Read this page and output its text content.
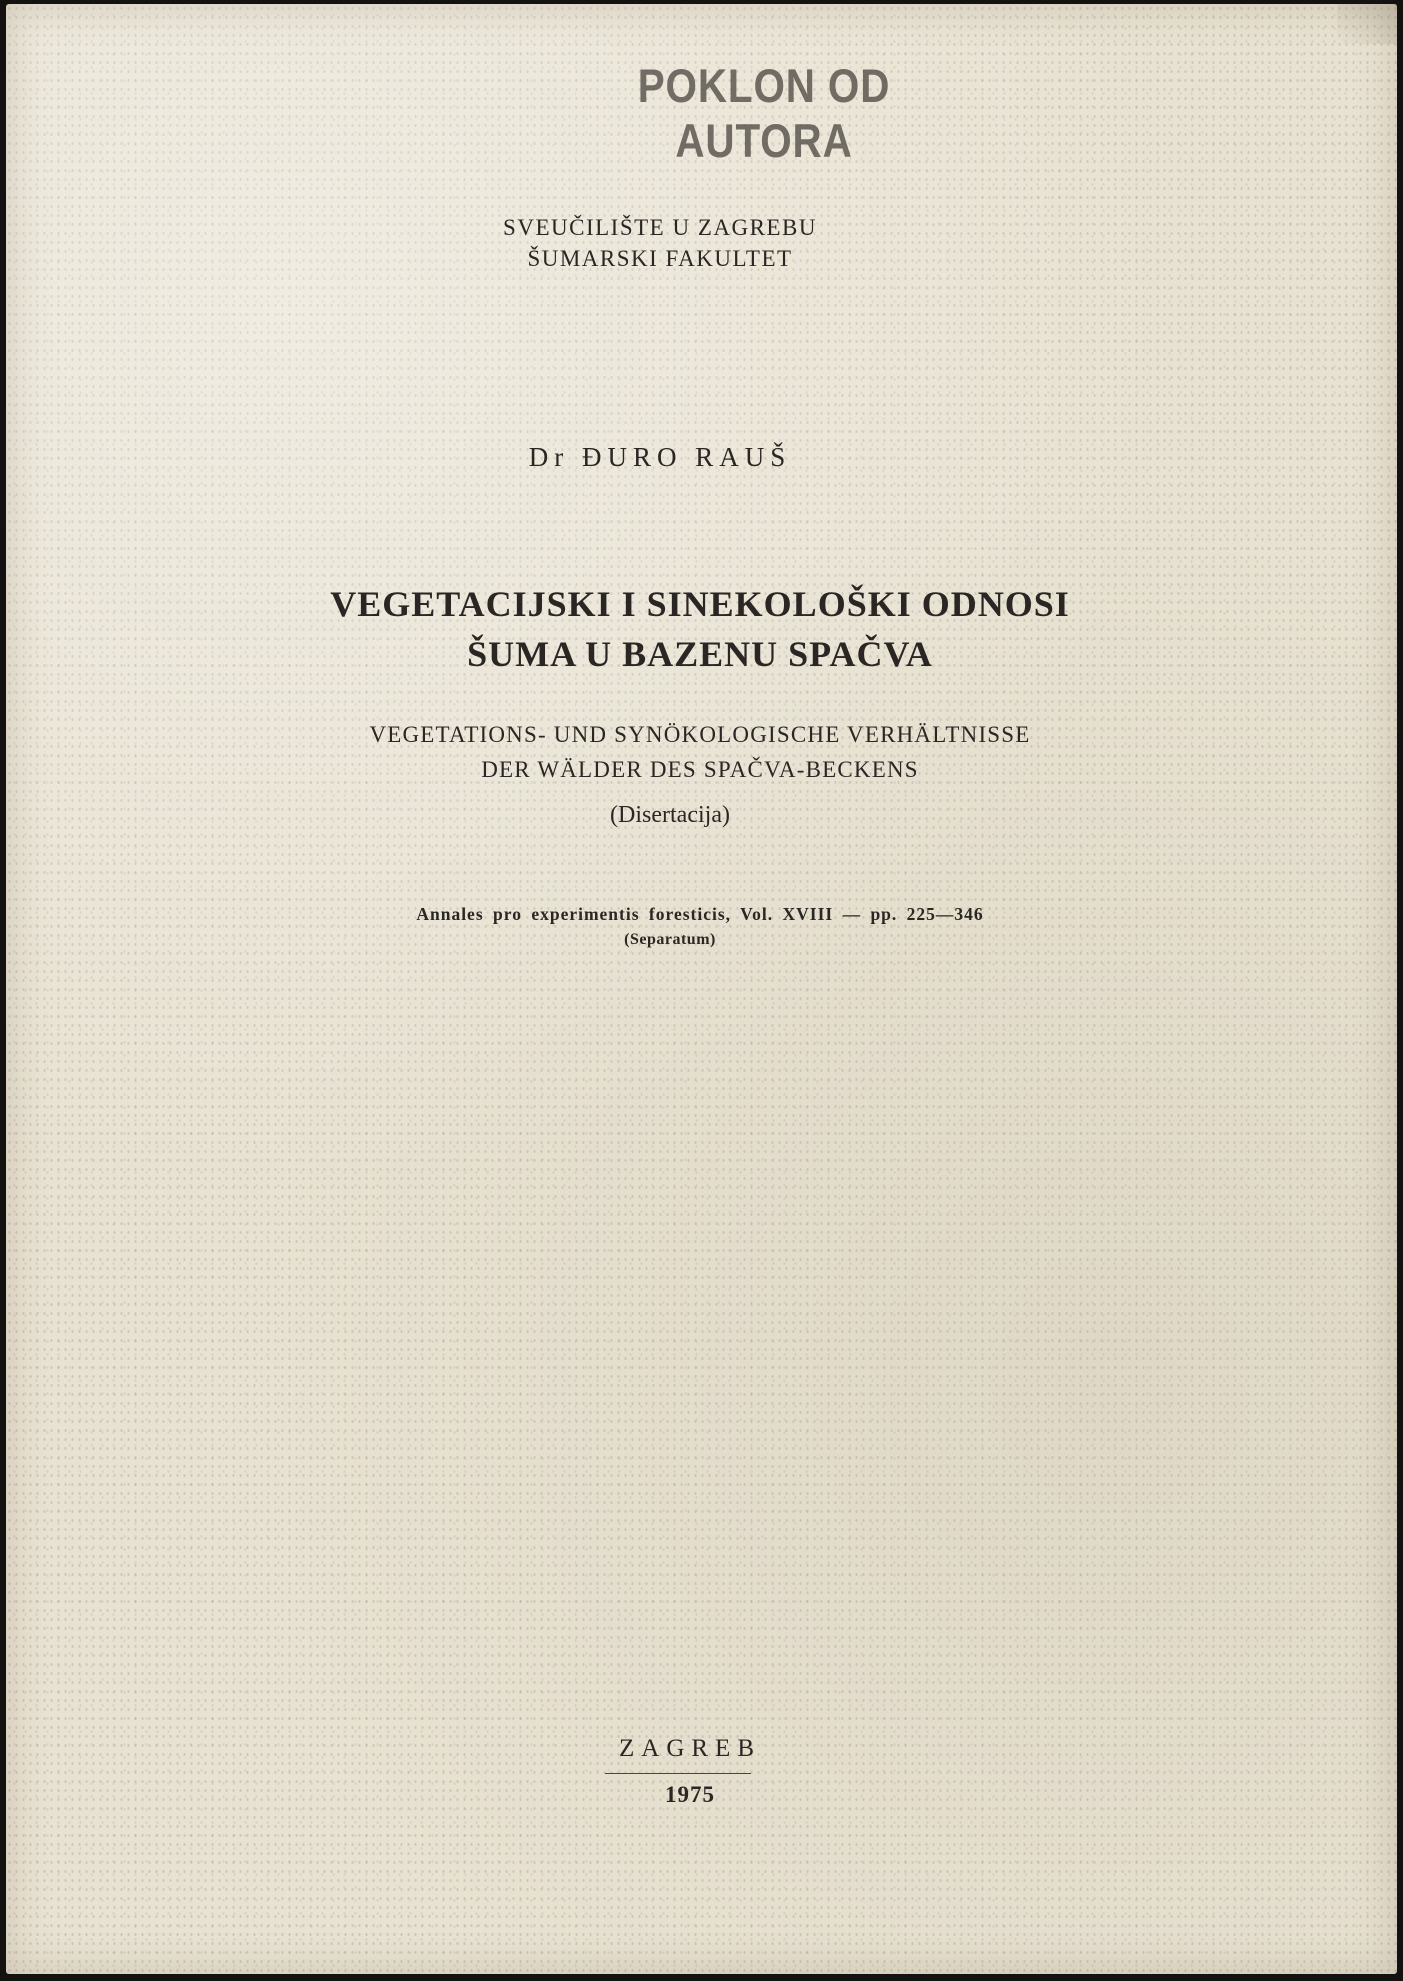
POKLON OD AUTORA
SVEUČILIŠTE U ZAGREBU
ŠUMARSKI FAKULTET
Dr ĐURO RAUŠ
VEGETACIJSKI I SINEKOLOŠKI ODNOSI
ŠUMA U BAZENU SPAČVA
VEGETATIONS- UND SYNÖKOLOGISCHE VERHÄLTNISSE
DER WÄLDER DES SPAČVA-BECKENS
(Disertacija)
Annales pro experimentis foresticis, Vol. XVIII — pp. 225—346
(Separatum)
ZAGREB
1975
